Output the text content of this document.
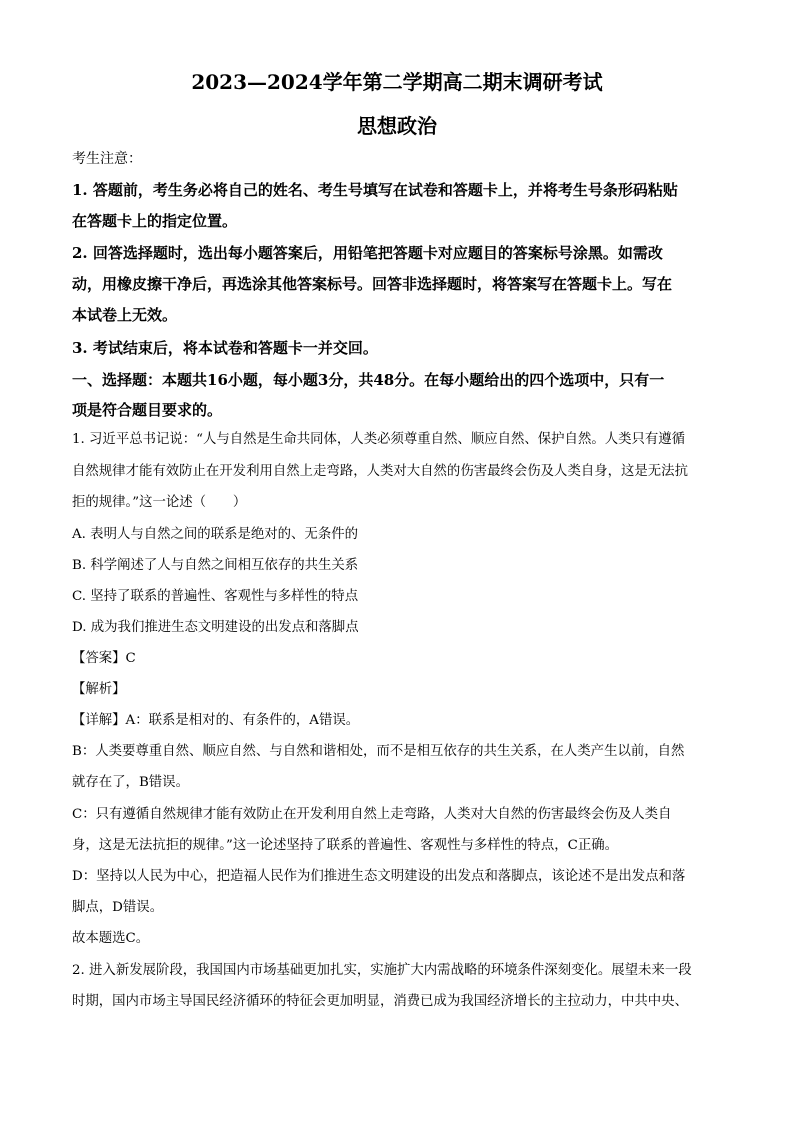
2023—2024学年第二学期高二期末调研考试
思想政治
考生注意：
1. 答题前，考生务必将自己的姓名、考生号填写在试卷和答题卡上，并将考生号条形码粘贴
在答题卡上的指定位置。
2. 回答选择题时，选出每小题答案后，用铅笔把答题卡对应题目的答案标号涂黑。如需改
动，用橡皮擦干净后，再选涂其他答案标号。回答非选择题时，将答案写在答题卡上。写在
本试卷上无效。
3. 考试结束后，将本试卷和答题卡一并交回。
一、选择题：本题共16小题，每小题3分，共48分。在每小题给出的四个选项中，只有一
项是符合题目要求的。
1. 习近平总书记说：“人与自然是生命共同体，人类必须尊重自然、顺应自然、保护自然。人类只有遵循
自然规律才能有效防止在开发利用自然上走弯路，人类对大自然的伤害最终会伤及人类自身，这是无法抗
拒的规律。”这一论述（　　）
A. 表明人与自然之间的联系是绝对的、无条件的
B. 科学阐述了人与自然之间相互依存的共生关系
C. 坚持了联系的普遍性、客观性与多样性的特点
D. 成为我们推进生态文明建设的出发点和落脚点
【答案】C
【解析】
【详解】A：联系是相对的、有条件的，A错误。
B：人类要尊重自然、顺应自然、与自然和谐相处，而不是相互依存的共生关系，在人类产生以前，自然
就存在了，B错误。
C：只有遵循自然规律才能有效防止在开发利用自然上走弯路，人类对大自然的伤害最终会伤及人类自
身，这是无法抗拒的规律。”这一论述坚持了联系的普遍性、客观性与多样性的特点，C正确。
D：坚持以人民为中心，把造福人民作为们推进生态文明建设的出发点和落脚点，该论述不是出发点和落
脚点，D错误。
故本题选C。
2. 进入新发展阶段，我国国内市场基础更加扎实，实施扩大内需战略的环境条件深刻变化。展望未来一段
时期，国内市场主导国民经济循环的特征会更加明显，消费已成为我国经济增长的主拉动力，中共中央、
